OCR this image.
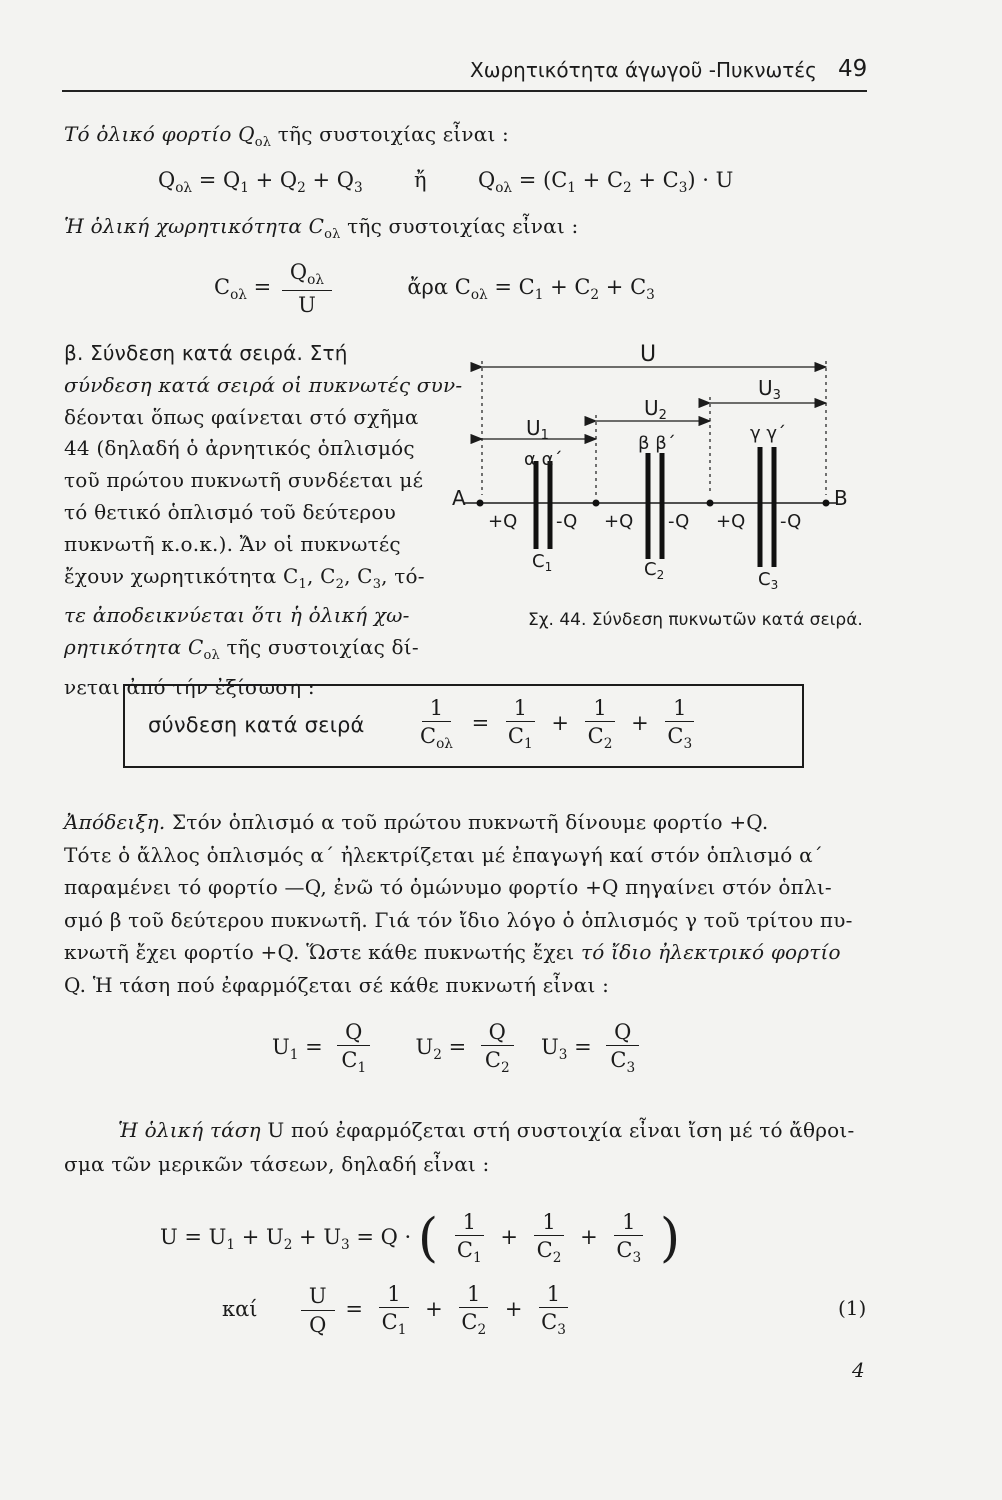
Χωρητικότητα άγωγοῦ -Πυκνωτές 49
Τό ὁλικό φορτίο $Q_{o\lambda}$ τῆς συστοιχίας εἶναι :
$Q_{o\lambda} = Q_1 + Q_2 + Q_3$ ἤ $Q_{o\lambda} = (C_1 + C_2 + C_3) \cdot U$
Ἡ ὁλική χωρητικότητα $C_{o\lambda}$ τῆς συστοιχίας εἶναι :
$C_{o\lambda} = \frac{Q_{o\lambda}}{U}$	ἄρα $C_{o\lambda} = C_1 + C_2 + C_3$
β. Σύνδεση κατά σειρά. Στή
σύνδεση κατά σειρά οἱ πυκνωτές συν-
δέονται ὅπως φαίνεται στό σχῆμα
44 (δηλαδή ὁ ἀρνητικός ὁπλισμός
τοῦ πρώτου πυκνωτῆ συνδέεται μέ
τό θετικό ὁπλισμό τοῦ δεύτερου
πυκνωτῆ κ.ο.κ.). Ἄν οἱ πυκνωτές
ἔχουν χωρητικότητα $C_1$, $C_2$, $C_3$, τό-
τε ἀποδεικνύεται ὅτι ἡ ὁλική χω-
ρητικότητα $C_{o\lambda}$ τῆς συστοιχίας δί-
νεται ἀπό τήν ἐξίσωση :
U
$U_3$
$U_2$
$U_1$
α α΄
β β΄	γ γ΄
A	B
+Q -Q +Q -Q +Q -Q
$C_1$	$C_2$	$C_3$
Σχ. 44. Σύνδεση πυκνωτῶν κατά σειρά.
σύνδεση κατά σειρά $\frac{1}{C_{o\lambda}} = \frac{1}{C_1} + \frac{1}{C_2} + \frac{1}{C_3}$
Ἀπόδειξη. Στόν ὁπλισμό α τοῦ πρώτου πυκνωτῆ δίνουμε φορτίο +Q.
Τότε ὁ ἄλλος ὁπλισμός α΄ ἠλεκτρίζεται μέ ἐπαγωγή καί στόν ὁπλισμό α΄
παραμένει τό φορτίο —Q, ἐνῶ τό ὁμώνυμο φορτίο +Q πηγαίνει στόν ὁπλι-
σμό β τοῦ δεύτερου πυκνωτῆ. Γιά τόν ἴδιο λόγο ὁ ὁπλισμός γ τοῦ τρίτου πυ-
κνωτῆ ἔχει φορτίο +Q. Ὥστε κάθε πυκνωτής ἔχει τό ἴδιο ἠλεκτρικό φορτίο
Q. Ἡ τάση πού ἐφαρμόζεται σέ κάθε πυκνωτή εἶναι :
$U_1 = \frac{Q}{C_1} U_2 = \frac{Q}{C_2} U_3 = \frac{Q}{C_3}$
Ἡ ὁλική τάση U πού ἐφαρμόζεται στή συστοιχία εἶναι ἴση μέ τό ἄθροι-
σμα τῶν μερικῶν τάσεων, δηλαδή εἶναι :
$U = U_1 + U_2 + U_3 = Q$ · ( $\frac{1}{C_1} + \frac{1}{C_2} + \frac{1}{C_3}$ )
καί $\frac{U}{Q} = \frac{1}{C_1} + \frac{1}{C_2} + \frac{1}{C_3}$	(1)
4
